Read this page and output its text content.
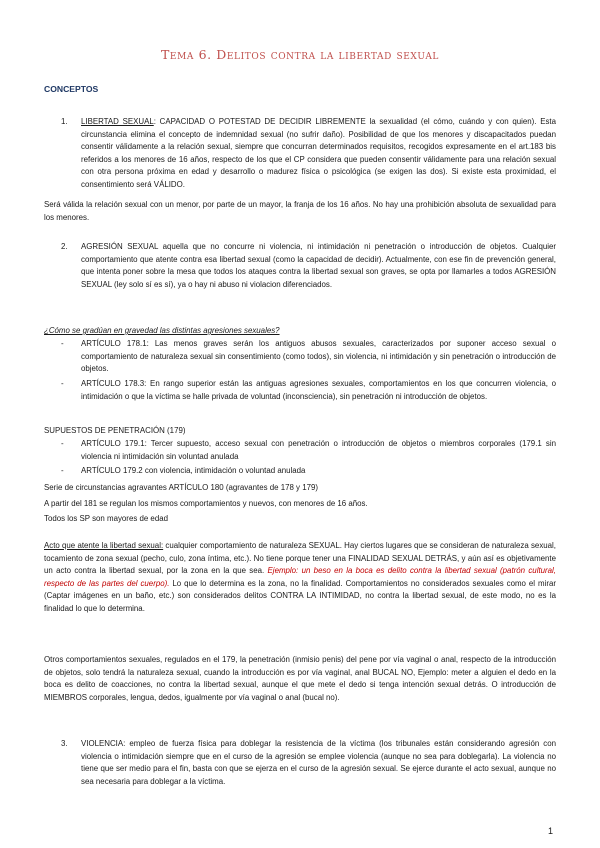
Tema 6. Delitos contra la libertad sexual
CONCEPTOS
1. LIBERTAD SEXUAL: CAPACIDAD O POTESTAD DE DECIDIR LIBREMENTE la sexualidad (el cómo, cuándo y con quien). Esta circunstancia elimina el concepto de indemnidad sexual (no sufrir daño). Posibilidad de que los menores y discapacitados puedan consentir válidamente a la relación sexual, siempre que concurran determinados requisitos, recogidos expresamente en el art.183 bis referidos a los menores de 16 años, respecto de los que el CP considera que pueden consentir válidamente para una relación sexual con otra persona próxima en edad y desarrollo o madurez física o psicológica (se exigen las dos). Si existe esta proximidad, el consentimiento será VÁLIDO.
Será válida la relación sexual con un menor, por parte de un mayor, la franja de los 16 años. No hay una prohibición absoluta de sexualidad para los menores.
2. AGRESIÓN SEXUAL aquella que no concurre ni violencia, ni intimidación ni penetración o introducción de objetos. Cualquier comportamiento que atente contra esa libertad sexual (como la capacidad de decidir). Actualmente, con ese fin de prevención general, que intenta poner sobre la mesa que todos los ataques contra la libertad sexual son graves, se opta por llamarles a todos AGRESIÓN SEXUAL (ley solo sí es sí), ya o hay ni abuso ni violacion diferenciados.
¿Cómo se gradúan en gravedad las distintas agresiones sexuales?
- ARTÍCULO 178.1: Las menos graves serán los antiguos abusos sexuales, caracterizados por suponer acceso sexual o comportamiento de naturaleza sexual sin consentimiento (como todos), sin violencia, ni intimidación y sin penetración o introducción de objetos.
- ARTÍCULO 178.3: En rango superior están las antiguas agresiones sexuales, comportamientos en los que concurren violencia, o intimidación o que la víctima se halle privada de voluntad (inconsciencia), sin penetración ni introducción de objetos.
SUPUESTOS DE PENETRACIÓN (179)
- ARTÍCULO 179.1: Tercer supuesto, acceso sexual con penetración o introducción de objetos o miembros corporales (179.1 sin violencia ni intimidación sin voluntad anulada
- ARTÍCULO 179.2 con violencia, intimidación o voluntad anulada
Serie de circunstancias agravantes ARTÍCULO 180 (agravantes de 178 y 179)
A partir del 181 se regulan los mismos comportamientos y nuevos, con menores de 16 años.
Todos los SP son mayores de edad
Acto que atente la libertad sexual: cualquier comportamiento de naturaleza SEXUAL. Hay ciertos lugares que se consideran de naturaleza sexual, tocamiento de zona sexual (pecho, culo, zona íntima, etc.). No tiene porque tener una FINALIDAD SEXUAL DETRÁS, y aún así es objetivamente un acto contra la libertad sexual, por la zona en la que sea. Ejemplo: un beso en la boca es delito contra la libertad sexual (patrón cultural, respecto de las partes del cuerpo). Lo que lo determina es la zona, no la finalidad. Comportamientos no considerados sexuales como el mirar (Captar imágenes en un baño, etc.) son considerados delitos CONTRA LA INTIMIDAD, no contra la libertad sexual, de este modo, no es la finalidad lo que lo determina.
Otros comportamientos sexuales, regulados en el 179, la penetración (inmisio penis) del pene por vía vaginal o anal, respecto de la introducción de objetos, solo tendrá la naturaleza sexual, cuando la introducción es por vía vaginal, anal BUCAL NO, Ejemplo: meter a alguien el dedo en la boca es delito de coacciones, no contra la libertad sexual, aunque el que mete el dedo si tenga intención sexual detrás. O introducción de MIEMBROS corporales, lengua, dedos, igualmente por vía vaginal o anal (bucal no).
3. VIOLENCIA: empleo de fuerza física para doblegar la resistencia de la víctima (los tribunales están considerando agresión con violencia o intimidación siempre que en el curso de la agresión se emplee violencia (aunque no sea para doblegarla). La violencia no tiene que ser medio para el fin, basta con que se ejerza en el curso de la agresión sexual. Se ejerce durante el acto sexual, aunque no sea necesaria para doblegar a la víctima.
1
